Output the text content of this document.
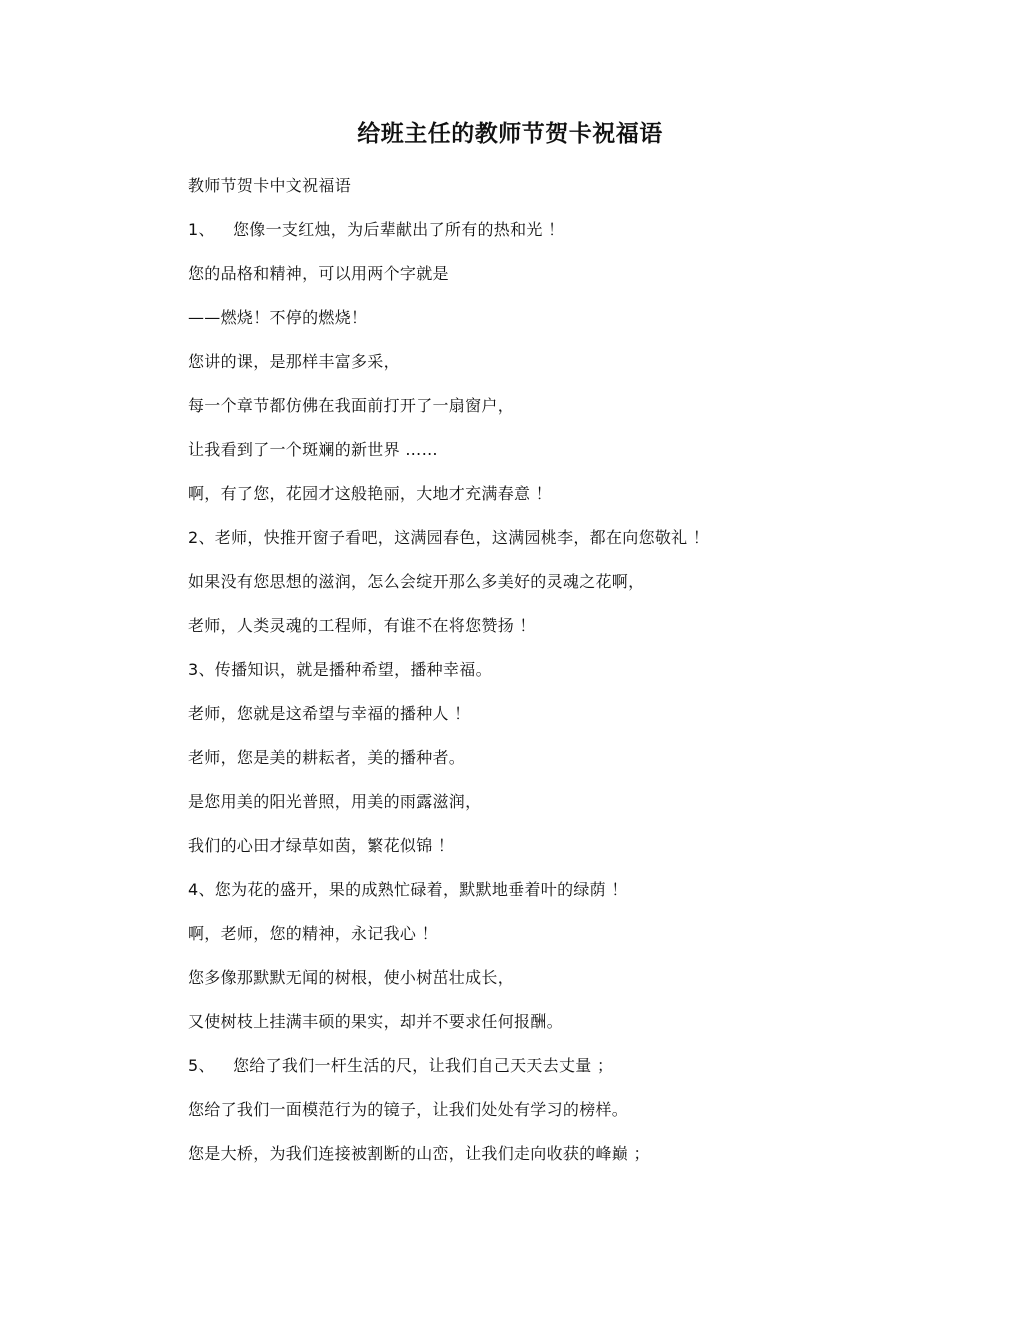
给班主任的教师节贺卡祝福语
教师节贺卡中文祝福语
1、 您像一支红烛，为后辈献出了所有的热和光 ！
您的品格和精神，可以用两个字就是
——燃烧！不停的燃烧！
您讲的课，是那样丰富多采，
每一个章节都仿佛在我面前打开了一扇窗户，
让我看到了一个斑斓的新世界 ……
啊，有了您，花园才这般艳丽，大地才充满春意 ！
2、老师，快推开窗子看吧，这满园春色，这满园桃李，都在向您敬礼 ！
如果没有您思想的滋润，怎么会绽开那么多美好的灵魂之花啊，
老师，人类灵魂的工程师，有谁不在将您赞扬 ！
3、传播知识，就是播种希望，播种幸福。
老师，您就是这希望与幸福的播种人 ！
老师，您是美的耕耘者，美的播种者。
是您用美的阳光普照，用美的雨露滋润，
我们的心田才绿草如茵，繁花似锦 ！
4、您为花的盛开，果的成熟忙碌着，默默地垂着叶的绿荫 ！
啊，老师，您的精神，永记我心 ！
您多像那默默无闻的树根，使小树茁壮成长，
又使树枝上挂满丰硕的果实，却并不要求任何报酬。
5、 您给了我们一杆生活的尺，让我们自己天天去丈量 ；
您给了我们一面模范行为的镜子，让我们处处有学习的榜样。
您是大桥，为我们连接被割断的山峦，让我们走向收获的峰巅 ；
